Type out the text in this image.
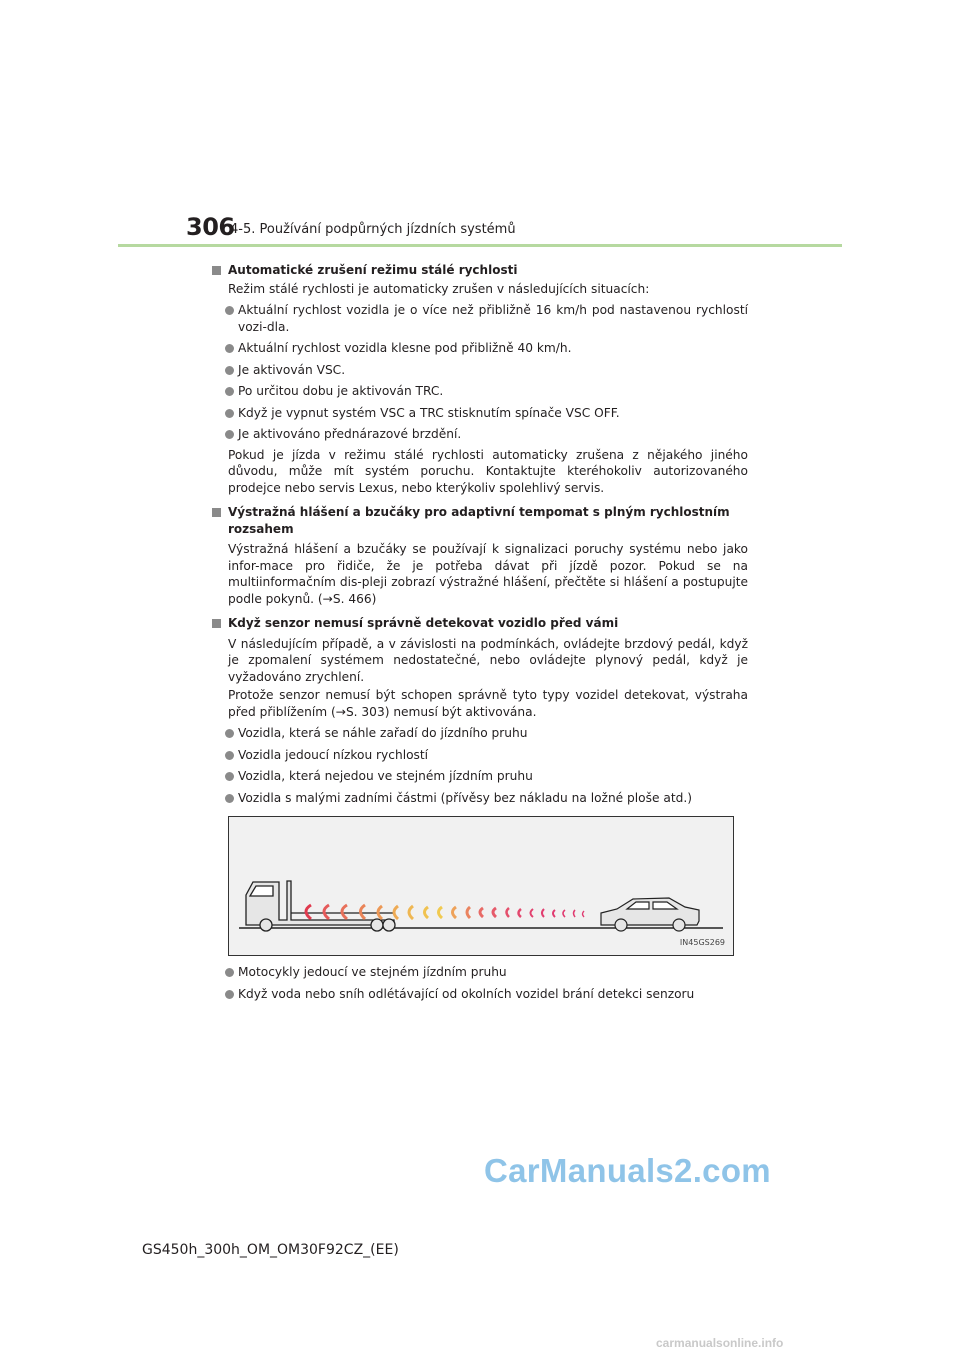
306
4-5. Používání podpůrných jízdních systémů
Automatické zrušení režimu stálé rychlosti
Režim stálé rychlosti je automaticky zrušen v následujících situacích:
Aktuální rychlost vozidla je o více než přibližně 16 km/h pod nastavenou rychlostí vozi-dla.
Aktuální rychlost vozidla klesne pod přibližně 40 km/h.
Je aktivován VSC.
Po určitou dobu je aktivován TRC.
Když je vypnut systém VSC a TRC stisknutím spínače VSC OFF.
Je aktivováno přednárazové brzdění.
Pokud je jízda v režimu stálé rychlosti automaticky zrušena z nějakého jiného důvodu, může mít systém poruchu. Kontaktujte kteréhokoliv autorizovaného prodejce nebo servis Lexus, nebo kterýkoliv spolehlivý servis.
Výstražná hlášení a bzučáky pro adaptivní tempomat s plným rychlostním rozsahem
Výstražná hlášení a bzučáky se používají k signalizaci poruchy systému nebo jako infor-mace pro řidiče, že je potřeba dávat při jízdě pozor. Pokud se na multiinformačním dis-pleji zobrazí výstražné hlášení, přečtěte si hlášení a postupujte podle pokynů. (→S. 466)
Když senzor nemusí správně detekovat vozidlo před vámi
V následujícím případě, a v závislosti na podmínkách, ovládejte brzdový pedál, když je zpomalení systémem nedostatečné, nebo ovládejte plynový pedál, když je vyžadováno zrychlení.
Protože senzor nemusí být schopen správně tyto typy vozidel detekovat, výstraha před přiblížením (→S. 303) nemusí být aktivována.
Vozidla, která se náhle zařadí do jízdního pruhu
Vozidla jedoucí nízkou rychlostí
Vozidla, která nejedou ve stejném jízdním pruhu
Vozidla s malými zadními částmi (přívěsy bez nákladu na ložné ploše atd.)
IN45GS269
Motocykly jedoucí ve stejném jízdním pruhu
Když voda nebo sníh odlétávající od okolních vozidel brání detekci senzoru
CarManuals2.com
GS450h_300h_OM_OM30F92CZ_(EE)
carmanualsonline.info
